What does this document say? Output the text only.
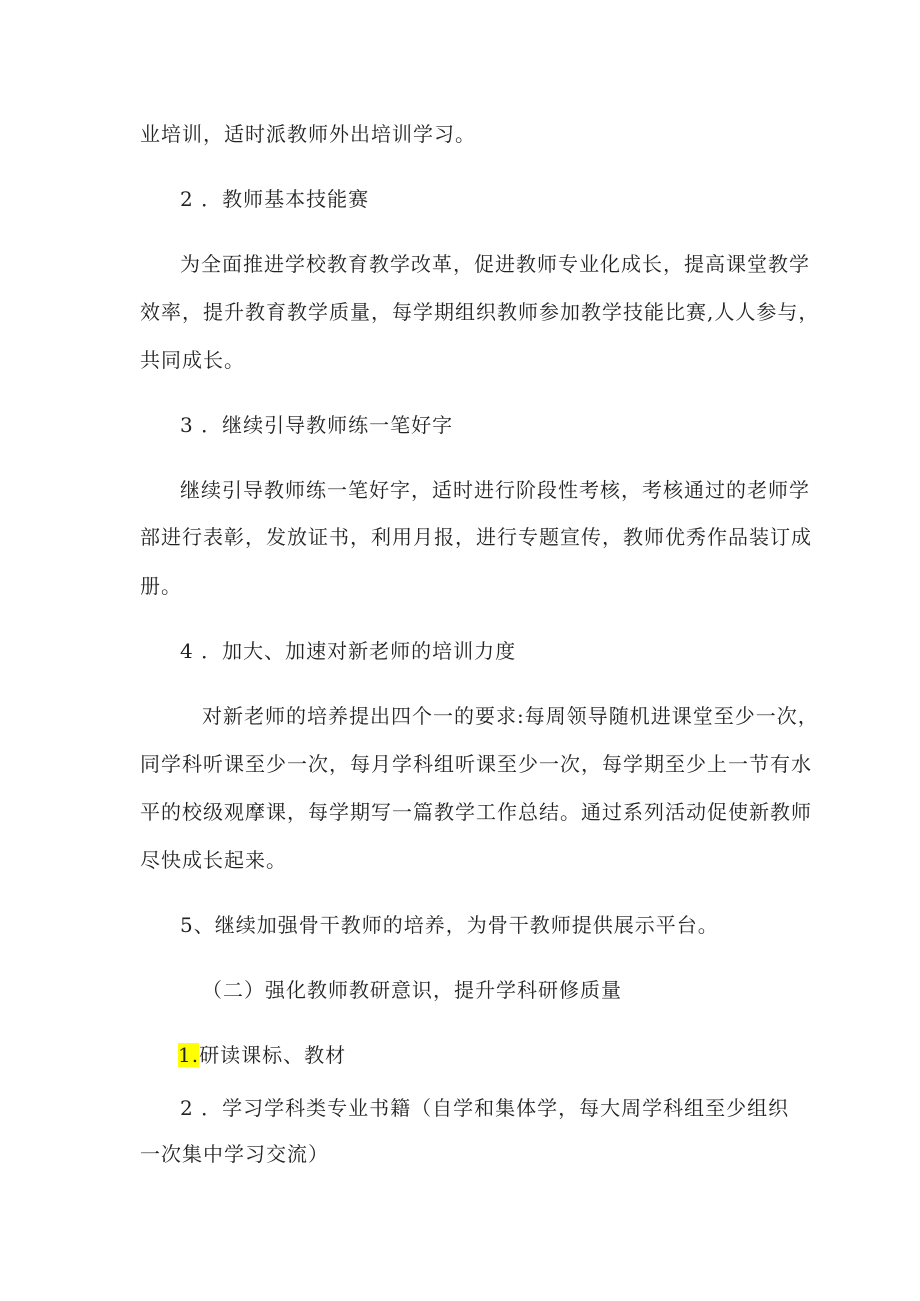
业培训，适时派教师外出培训学习。
2 ．教师基本技能赛
为全面推进学校教育教学改革，促进教师专业化成长，提高课堂教学
效率，提升教育教学质量，每学期组织教师参加教学技能比赛,人人参与，
共同成长。
3 ．继续引导教师练一笔好字
继续引导教师练一笔好字，适时进行阶段性考核，考核通过的老师学
部进行表彰，发放证书，利用月报，进行专题宣传，教师优秀作品装订成
册。
4 ．加大、加速对新老师的培训力度
对新老师的培养提出四个一的要求:每周领导随机进课堂至少一次，
同学科听课至少一次，每月学科组听课至少一次，每学期至少上一节有水
平的校级观摩课，每学期写一篇教学工作总结。通过系列活动促使新教师
尽快成长起来。
5、继续加强骨干教师的培养，为骨干教师提供展示平台。
（二）强化教师教研意识，提升学科研修质量
1.研读课标、教材
2 ．学习学科类专业书籍（自学和集体学，每大周学科组至少组织
一次集中学习交流）
